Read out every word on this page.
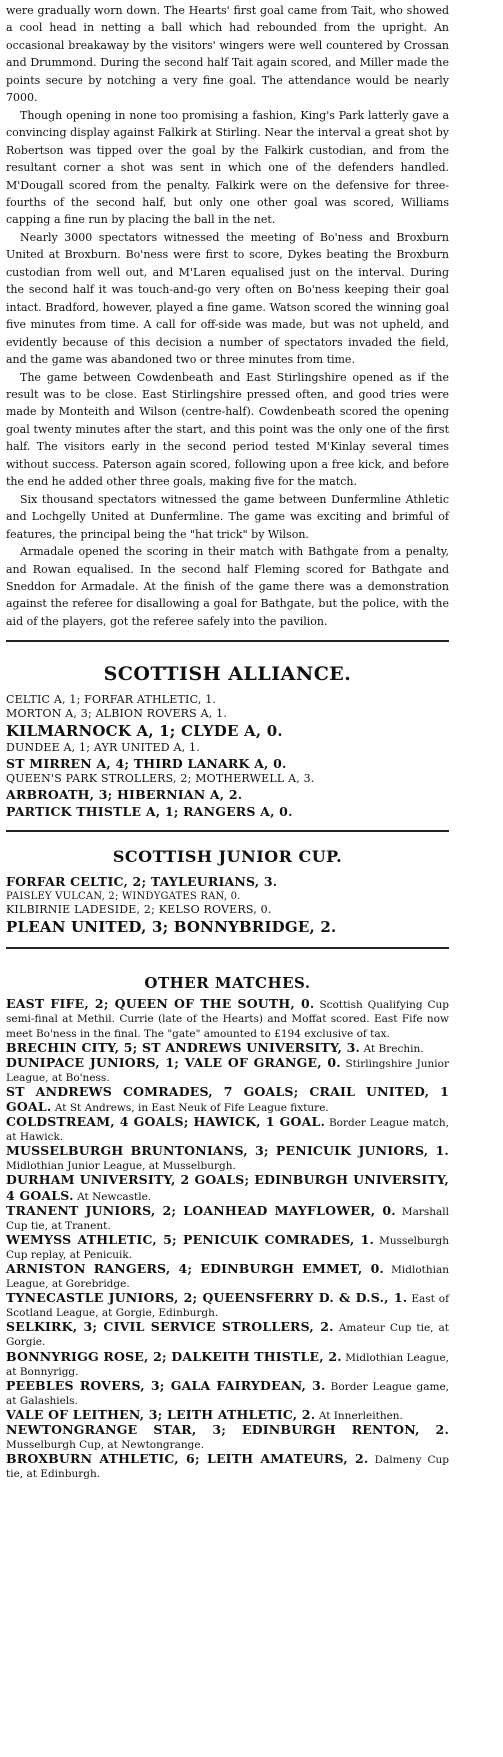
were gradually worn down. The Hearts' first goal came from Tait, who showed a cool head in netting a ball which had rebounded from the upright. An occasional breakaway by the visitors' wingers were well countered by Crossan and Drummond. During the second half Tait again scored, and Miller made the points secure by notching a very fine goal. The attendance would be nearly 7000.

Though opening in none too promising a fashion, King's Park latterly gave a convincing display against Falkirk at Stirling. Near the interval a great shot by Robertson was tipped over the goal by the Falkirk custodian, and from the resultant corner a shot was sent in which one of the defenders handled. M'Dougall scored from the penalty. Falkirk were on the defensive for three-fourths of the second half, but only one other goal was scored, Williams capping a fine run by placing the ball in the net.

Nearly 3000 spectators witnessed the meeting of Bo'ness and Broxburn United at Broxburn. Bo'ness were first to score, Dykes beating the Broxburn custodian from well out, and M'Laren equalised just on the interval. During the second half it was touch-and-go very often on Bo'ness keeping their goal intact. Bradford, however, played a fine game. Watson scored the winning goal five minutes from time. A call for off-side was made, but was not upheld, and evidently because of this decision a number of spectators invaded the field, and the game was abandoned two or three minutes from time.

The game between Cowdenbeath and East Stirlingshire opened as if the result was to be close. East Stirlingshire pressed often, and good tries were made by Monteith and Wilson (centre-half). Cowdenbeath scored the opening goal twenty minutes after the start, and this point was the only one of the first half. The visitors early in the second period tested M'Kinlay several times without success. Paterson again scored, following upon a free kick, and before the end he added other three goals, making five for the match.

Six thousand spectators witnessed the game between Dunfermline Athletic and Lochgelly United at Dunfermline. The game was exciting and brimful of features, the principal being the "hat trick" by Wilson.

Armadale opened the scoring in their match with Bathgate from a penalty, and Rowan equalised. In the second half Fleming scored for Bathgate and Sneddon for Armadale. At the finish of the game there was a demonstration against the referee for disallowing a goal for Bathgate, but the police, with the aid of the players, got the referee safely into the pavilion.

SCOTTISH ALLIANCE.

CELTIC A, 1; FORFAR ATHLETIC, 1.

MORTON A, 3; ALBION ROVERS A, 1.

KILMARNOCK A, 1; CLYDE A, 0.

DUNDEE A, 1; AYR UNITED A, 1.

ST MIRREN A, 4; THIRD LANARK A, 0.

QUEEN'S PARK STROLLERS, 2; MOTHERWELL A, 3.

ARBROATH, 3; HIBERNIAN A, 2.

PARTICK THISTLE A, 1; RANGERS A, 0.

SCOTTISH JUNIOR CUP.

FORFAR CELTIC, 2; TAYLEURIANS, 3.

PAISLEY VULCAN, 2; WINDYGATES RAN, 0.

KILBIRNIE LADESIDE, 2; KELSO ROVERS, 0.

PLEAN UNITED, 3; BONNYBRIDGE, 2.

OTHER MATCHES.

EAST FIFE, 2; QUEEN OF THE SOUTH, 0. Scottish Qualifying Cup semi-final at Methil. Currie (late of the Hearts) and Moffat scored. East Fife now meet Bo'ness in the final. The "gate" amounted to £194 exclusive of tax.

BRECHIN CITY, 5; ST ANDREWS UNIVERSITY, 3. At Brechin.

DUNIPACE JUNIORS, 1; VALE OF GRANGE, 0. Stirlingshire Junior League, at Bo'ness.

ST ANDREWS COMRADES, 7 GOALS; CRAIL UNITED, 1 GOAL. At St Andrews, in East Neuk of Fife League fixture.

COLDSTREAM, 4 GOALS; HAWICK, 1 GOAL. Border League match, at Hawick.

MUSSELBURGH BRUNTONIANS, 3; PENICUIK JUNIORS, 1. Midlothian Junior League, at Musselburgh.

DURHAM UNIVERSITY, 2 GOALS; EDINBURGH UNIVERSITY, 4 GOALS. At Newcastle.

TRANENT JUNIORS, 2; LOANHEAD MAYFLOWER, 0. Marshall Cup tie, at Tranent.

WEMYSS ATHLETIC, 5; PENICUIK COMRADES, 1. Musselburgh Cup replay, at Penicuik.

ARNISTON RANGERS, 4; EDINBURGH EMMET, 0. Midlothian League, at Gorebridge.

TYNECASTLE JUNIORS, 2; QUEENSFERRY D. & D.S., 1. East of Scotland League, at Gorgie, Edinburgh.

SELKIRK, 3; CIVIL SERVICE STROLLERS, 2. Amateur Cup tie, at Gorgie.

BONNYRIGG ROSE, 2; DALKEITH THISTLE, 2. Midlothian League, at Bonnyrigg.

PEEBLES ROVERS, 3; GALA FAIRYDEAN, 3. Border League game, at Galashiels.

VALE OF LEITHEN, 3; LEITH ATHLETIC, 2. At Innerleithen.

NEWTONGRANGE STAR, 3; EDINBURGH RENTON, 2. Musselburgh Cup, at Newtongrange.

BROXBURN ATHLETIC, 6; LEITH AMATEURS, 2. Dalmeny Cup tie, at Edinburgh.
